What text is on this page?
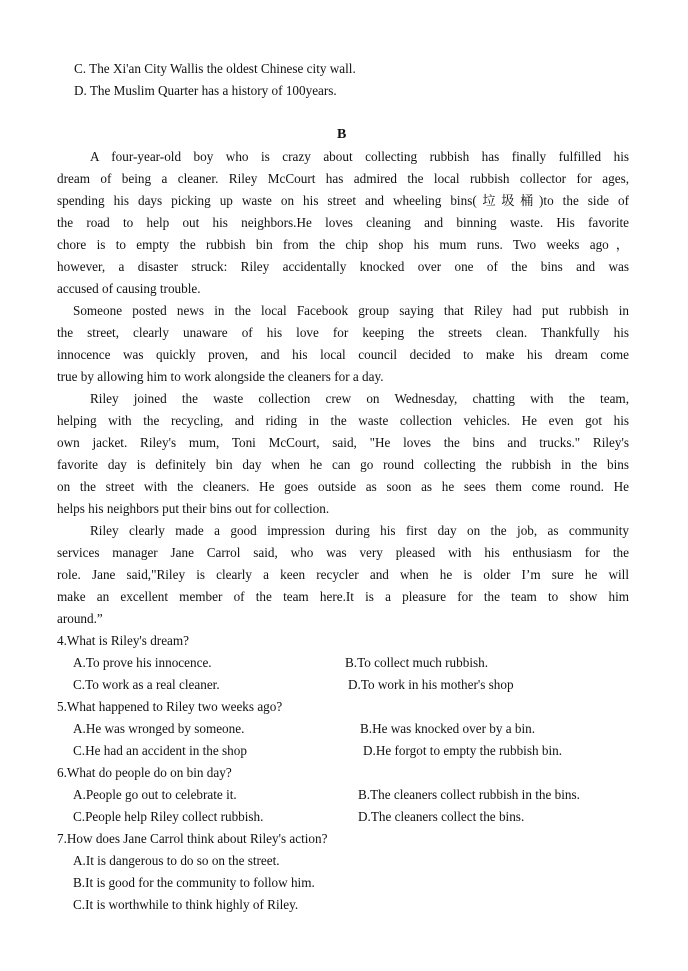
C. The Xi'an City Wallis the oldest Chinese city wall.
D. The Muslim Quarter has a history of 100years.
B
A four-year-old boy who is crazy about collecting rubbish has finally fulfilled his
dream of being a cleaner. Riley McCourt has admired the local rubbish collector for ages,
spending his days picking up waste on his street and wheeling bins(垃圾桶)to the side of
the road to help out his neighbors.He loves cleaning and binning waste. His favorite
chore is to empty the rubbish bin from the chip shop his mum runs. Two weeks ago，
however, a disaster struck: Riley accidentally knocked over one of the bins and was
accused of causing trouble.
Someone posted news in the local Facebook group saying that Riley had put rubbish in
the street, clearly unaware of his love for keeping the streets clean. Thankfully his
innocence was quickly proven, and his local council decided to make his dream come
true by allowing him to work alongside the cleaners for a day.
Riley joined the waste collection crew on Wednesday, chatting with the team,
helping with the recycling, and riding in the waste collection vehicles. He even got his
own jacket. Riley's mum, Toni McCourt, said, "He loves the bins and trucks." Riley's
favorite day is definitely bin day when he can go round collecting the rubbish in the bins
on the street with the cleaners. He goes outside as soon as he sees them come round. He
helps his neighbors put their bins out for collection.
Riley clearly made a good impression during his first day on the job, as community
services manager Jane Carrol said, who was very pleased with his enthusiasm for the
role. Jane said,"Riley is clearly a keen recycler and when he is older I’m sure he will
make an excellent member of the team here.It is a pleasure for the team to show him
around.”
4.What is Riley's dream?
A.To prove his innocence.	B.To collect much rubbish.
C.To work as a real cleaner.	D.To work in his mother's shop
5.What happened to Riley two weeks ago?
A.He was wronged by someone.	B.He was knocked over by a bin.
C.He had an accident in the shop	D.He forgot to empty the rubbish bin.
6.What do people do on bin day?
A.People go out to celebrate it.	B.The cleaners collect rubbish in the bins.
C.People help Riley collect rubbish.	D.The cleaners collect the bins.
7.How does Jane Carrol think about Riley's action?
A.It is dangerous to do so on the street.
B.It is good for the community to follow him.
C.It is worthwhile to think highly of Riley.
